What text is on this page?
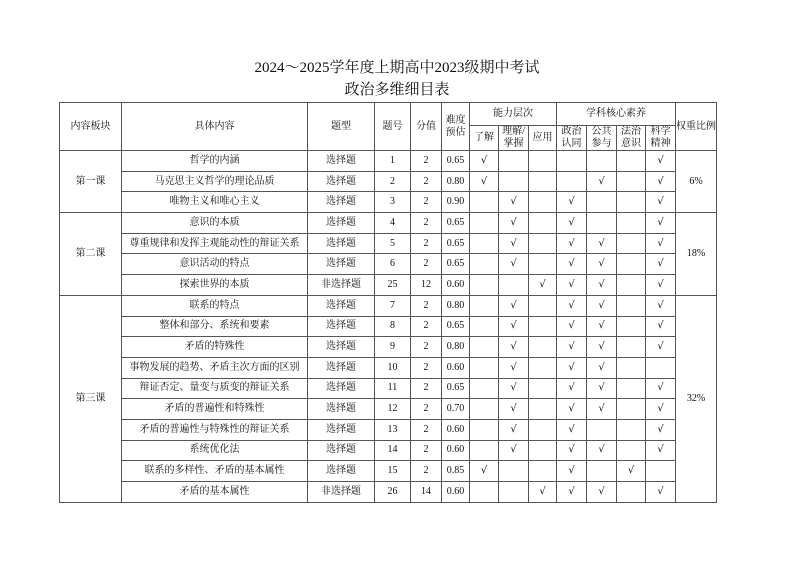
2024～2025学年度上期高中2023级期中考试
政治多维细目表
内容板块	具体内容	题型	题号	分值	难度预估	能力层次			学科核心素养				权重比例
						了解	理解/掌握	应用	政治认同	公共参与	法治意识	科学精神	
第一课	哲学的内涵	选择题	1	2	0.65	√						√	6%
	马克思主义哲学的理论品质	选择题	2	2	0.80	√				√		√	
	唯物主义和唯心主义	选择题	3	2	0.90		√		√			√	
第二课	意识的本质	选择题	4	2	0.65		√		√			√	18%
	尊重规律和发挥主观能动性的辩证关系	选择题	5	2	0.65		√		√	√		√	
	意识活动的特点	选择题	6	2	0.65		√		√	√		√	
	探索世界的本质	非选择题	25	12	0.60			√	√	√		√	
第三课	联系的特点	选择题	7	2	0.80		√		√	√		√	32%
	整体和部分、系统和要素	选择题	8	2	0.65		√		√	√		√	
	矛盾的特殊性	选择题	9	2	0.80		√		√	√		√	
	事物发展的趋势、矛盾主次方面的区别	选择题	10	2	0.60		√		√	√			
	辩证否定、量变与质变的辩证关系	选择题	11	2	0.65		√		√	√		√	
	矛盾的普遍性和特殊性	选择题	12	2	0.70		√		√	√		√	
	矛盾的普遍性与特殊性的辩证关系	选择题	13	2	0.60		√		√			√	
	系统优化法	选择题	14	2	0.60		√		√	√		√	
	联系的多样性、矛盾的基本属性	选择题	15	2	0.85	√			√		√		
	矛盾的基本属性	非选择题	26	14	0.60			√	√	√		√	
